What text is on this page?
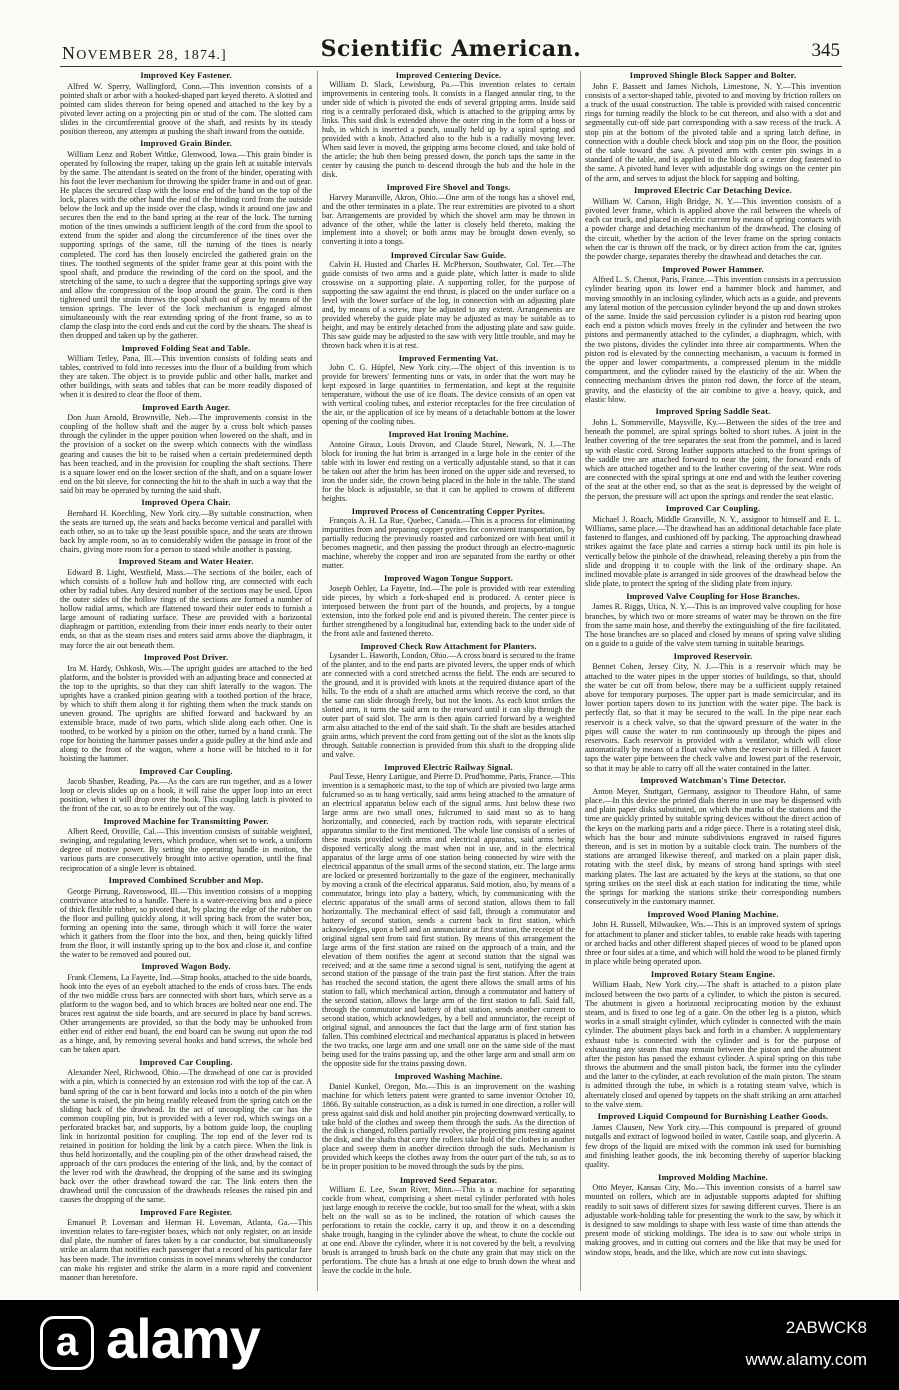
NOVEMBER 28, 1874.]	Scientific American.	345
Improved Key Fastener.

Alfred W. Sperry, Wallingford, Conn.—This invention consists of a pointed shaft or arbor with a hooked-shaped part keyed thereto. A slotted and pointed cam slides thereon for being opened and attached to the key by a pivoted lever acting on a projecting pin or stud of the cam. The slotted cam slides in the circumferential groove of the shaft, and resists by its steady position thereon, any attempts at pushing the shaft inward from the outside.

Improved Grain Binder.

William Lenz and Robert Wittke, Glenwood, Iowa.—This grain binder is operated by following the reaper, taking up the grain left at suitable intervals by the same. The attendant is seated on the front of the binder, operating with his foot the lever mechanism for throwing the spider frame in and out of gear. He places the secured clasp with the loose end of the band on the top of the lock, places with the other hand the end of the binding cord from the outside below the lock and up the inside over the clasp, winds it around one jaw and secures then the end to the band spring at the rear of the lock. The turning motion of the tines unwinds a sufficient length of the cord from the spool to extend from the spider and along the circumference of the tines over the supporting springs of the same, till the turning of the tines is nearly completed. The cord has then loosely encircled the gathered grain on the tines. The toothed segments of the spider frame gear at this point with the spool shaft, and produce the rewinding of the cord on the spool, and the stretching of the same, to such a degree that the supporting springs give way and allow the compression of the loop around the grain. The cord is then tightened until the strain throws the spool shaft out of gear by means of the tension springs. The lever of the lock mechanism is engaged almost simultaneously with the rear extending spring of the front frame, so as to clamp the clasp into the cord ends and cut the cord by the shears. The sheaf is then dropped and taken up by the gatherer.

Improved Folding Seat and Table.

William Tetley, Pana, Ill.—This invention consists of folding seats and tables, contrived to fold into recesses into the floor of a building from which they are taken. The object is to provide public and other halls, market and other buildings, with seats and tables that can be more readily disposed of when it is desired to clear the floor of them.

Improved Earth Auger.

Don Juan Arnold, Brownville, Neb.—The improvements consist in the coupling of the hollow shaft and the auger by a cross bolt which passes through the cylinder in the upper position when lowered on the shaft, and in the provision of a socket on the sweep which connects with the windlass gearing and causes the bit to be raised when a certain predetermined depth has been reached, and in the provision for coupling the shaft sections. There is a square lower end on the lower section of the shaft, and on a square lower end on the bit sleeve, for connecting the bit to the shaft in such a way that the said bit may be operated by turning the said shaft.

Improved Opera Chair.

Bernhard H. Koechling, New York city.—By suitable construction, when the seats are turned up, the seats and backs become vertical and parallel with each other, so as to take up the least possible space, and the seats are thrown back by ample room, so as to considerably widen the passage in front of the chairs, giving more room for a person to stand while another is passing.

Improved Steam and Water Heater.

Edward B. Light, Westfield, Mass.—The sections of the boiler, each of which consists of a hollow hub and hollow ring, are connected with each other by radial tubes. Any desired number of the sections may be used. Upon the outer sides of the hollow rings of the sections are formed a number of hollow radial arms, which are flattened toward their outer ends to furnish a large amount of radiating surface. These are provided with a horizontal diaphragm or partition, extending from their inner ends nearly to their outer ends, so that as the steam rises and enters said arms above the diaphragm, it may force the air out beneath them.

Improved Post Driver.

Ira M. Hardy, Oshkosh, Wis.—The upright guides are attached to the bed platform, and the bolster is provided with an adjusting brace and connected at the top to the uprights, so that they can shift laterally to the wagon. The uprights have a cranked pinion gearing with a toothed portion of the brace, by which to shift them along it for righting them when the truck stands on uneven ground. The uprights are shifted forward and backward by an extensible brace, made of two parts, which slide along each other. One is toothed, to be worked by a pinion on the other, turned by a hand crank. The rope for hoisting the hammer passes under a guide pulley at the hind axle and along to the front of the wagon, where a horse will be hitched to it for hoisting the hammer.

Improved Car Coupling.

Jacob Shasber, Reading, Pa.—As the cars are run together, and as a lower loop or clevis slides up on a hook, it will raise the upper loop into an erect position, when it will drop over the hook. This coupling latch is pivoted to the front of the car, so as to be entirely out of the way.

Improved Machine for Transmitting Power.

Albert Reed, Oroville, Cal.—This invention consists of suitable weighted, swinging, and regulating levers, which produce, when set to work, a uniform degree of motive power. By setting the operating handle in motion, the various parts are consecutively brought into active operation, until the final reciprocation of a single lever is obtained.

Improved Combined Scrubber and Mop.

George Pirrung, Ravenswood, Ill.—This invention consists of a mopping contrivance attached to a handle. There is a water-receiving box and a piece of thick flexible rubber, so pivoted that, by placing the edge of the rubber on the floor and pulling quickly along, it will spring back from the water box, forming an opening into the same, through which it will force the water which it gathers from the floor into the box, and then, being quickly lifted from the floor, it will instantly spring up to the box and close it, and confine the water to be removed and poured out.

Improved Wagon Body.

Frank Clemens, La Fayette, Ind.—Strap hooks, attached to the side boards, hook into the eyes of an eyebolt attached to the ends of cross bars. The ends of the two middle cross bars are connected with short bars, which serve as a platform to the wagon bed, and to which braces are bolted near one end. The braces rest against the side boards, and are secured in place by band screws. Other arrangements are provided, so that the body may be unhooked from either end of either end board, the end board can be swung out upon the rod as a hinge, and, by removing several hooks and band screws, the whole bed can be taken apart.

Improved Car Coupling.

Alexander Neel, Richwood, Ohio.—The drawhead of one car is provided with a pin, which is connected by an extension rod with the top of the car. A band spring of the car is bent forward and locks into a notch of the pin when the same is raised, the pin being readily released from the spring catch on the sliding back of the drawhead. In the act of uncoupling the car has the common coupling pin, but is provided with a lever rod, which swings on a perforated bracket bar, and supports, by a bottom guide loop, the coupling link in horizontal position for coupling. The top end of the lever rod is retained in position for holding the link by a catch piece. When the link is thus held horizontally, and the coupling pin of the other drawhead raised, the approach of the cars produces the entering of the link, and, by the contact of the lever rod with the drawhead, the dropping of the same and its swinging back over the other drawhead toward the car. The link enters then the drawhead until the concussion of the drawheads releases the raised pin and causes the dropping of the same.

Improved Fare Register.

Emanuel P. Loveman and Herman H. Loveman, Atlanta, Ga.—This invention relates to fare-register boxes, which not only register, on an inside dial plate, the number of fares taken by a car conductor, but simultaneously strike an alarm that notifies each passenger that a record of his particular fare has been made. The invention consists in novel means whereby the conductor can make his register and strike the alarm in a more rapid and convenient manner than heretofore.

Improved Centering Device.

William D. Slack, Lewisburg, Pa.—This invention relates to certain improvements in centering tools. It consists in a flanged annular ring, to the under side of which is pivoted the ends of several gripping arms. Inside said ring is a centrally perforated disk, which is attached to the gripping arms by links. This said disk is extended above the outer ring in the form of a boss or hub, in which is inserted a punch, usually held up by a spiral spring and provided with a knob. Attached also to the hub is a radially moving lever. When said lever is moved, the gripping arms become closed, and take hold of the article; the hub then being pressed down, the punch taps the same in the center by causing the punch to descend through the hub and the hole in the disk.

Improved Fire Shovel and Tongs.

Harvey Maranville, Akron, Ohio.—One arm of the tongs has a shovel end, and the other terminates in a plate. The rear extremities are pivoted to a short bar. Arrangements are provided by which the shovel arm may be thrown in advance of the other, while the latter is closely held thereto, making the implement into a shovel; or both arms may be brought down evenly, so converting it into a tongs.

Improved Circular Saw Guide.

Calvin H. Husted and Charles H. McPherson, Southwater, Col. Ter.—The guide consists of two arms and a guide plate, which latter is made to slide crosswise on a supporting plate. A supporting roller, for the purpose of supporting the saw against the end thrust, is placed on the under surface on a level with the lower surface of the log, in connection with an adjusting plate and, by means of a screw, may be adjusted to any extent. Arrangements are provided whereby the guide plate may be adjusted as may be suitable as to height, and may be entirely detached from the adjusting plate and saw guide. This saw guide may be adjusted to the saw with very little trouble, and may be thrown back when it is at rest.

Improved Fermenting Vat.

John C. G. Hüpfel, New York city.—The object of this invention is to provide for brewers' fermenting tuns or vats, in order that the wort may be kept exposed in large quantities to fermentation, and kept at the requisite temperature, without the use of ice floats. The device consists of an open vat with vertical cooling tubes, and exterior receptacles for the free circulation of the air, or the application of ice by means of a detachable bottom at the lower opening of the cooling tubes.

Improved Hat Ironing Machine.

Antoine Giraux, Louis Drovon, and Claude Sturel, Newark, N. J.—The block for ironing the hat brim is arranged in a large hole in the center of the table with its lower end resting on a vertically adjustable stand, so that it can be taken out after the brim has been ironed on the upper side and reversed, to iron the under side, the crown being placed in the hole in the table. The stand for the block is adjustable, so that it can be applied to crowns of different heights.

Improved Process of Concentrating Copper Pyrites.

François A. H. La Rue, Quebec, Canada.—This is a process for eliminating impurities from and preparing copper pyrites for convenient transportation, by partially reducing the previously roasted and carbonized ore with heat until it becomes magnetic, and then passing the product through an electro-magnetic machine, whereby the copper and iron are separated from the earthy or other matter.

Improved Wagon Tongue Support.

Joseph Oehler, La Fayette, Ind.—The pole is provided with rear extending side pieces, by which a fork-shaped end is produced. A center piece is interposed between the front part of the hounds, and projects, by a tongue extension, into the forked pole end and is pivoted therein. The center piece is further strengthened by a longitudinal bar, extending back to the under side of the front axle and fastened thereto.

Improved Check Row Attachment for Planters.

Lysander L. Haworth, London, Ohio.—A cross board is secured to the frame of the planter, and to the end parts are pivoted levers, the upper ends of which are connected with a cord stretched across the field. The ends are secured to the ground, and it is provided with knots at the required distance apart of the hills. To the ends of a shaft are attached arms which receive the cord, so that the same can slide through freely, but not the knots. As each knot strikes the slotted arm, it turns the said arm to the rearward until it can slip through the outer part of said slot. The arm is then again carried forward by a weighted arm also attached to the end of the said shaft. To the shaft are besides attached grain arms, which prevent the cord from getting out of the slot as the knots slip through. Suitable connection is provided from this shaft to the dropping slide and valve.

Improved Electric Railway Signal.

Paul Tesse, Henry Lartigue, and Pierre D. Prud'homme, Paris, France.—This invention is a semaphoric mast, to the top of which are pivoted two large arms fulcrumed so as to hang vertically, said arms being attached to the armature of an electrical apparatus below each of the signal arms. Just below these two large arms are two small ones, fulcrumed to said mast so as to hang horizontally, and connected, each by traction rods, with separate electrical apparatus similar to the first mentioned. The whole line consists of a series of these masts provided with arms and electrical apparatus, said arms being disposed vertically along the mast when not in use, and in the electrical apparatus of the large arms of one station being connected by wire with the electrical apparatus of the small arms of the second station, etc. The large arms are locked or presented horizontally to the gaze of the engineer, mechanically by moving a crank of the electrical apparatus. Said motion, also, by means of a commutator, brings into play a battery, which, by communicating with the electric apparatus of the small arms of second station, allows them to fall horizontally. The mechanical effect of said fall, through a commutator and battery of second station, sends a current back to first station, which acknowledges, upon a bell and an annunciator at first station, the receipt of the original signal sent from said first station. By means of this arrangement the large arms of the first station are raised on the approach of a train, and the elevation of them notifies the agent at second station that the signal was received; and at the same time a second signal is sent, notifying the agent at second station of the passage of the train past the first station. After the train has reached the second station, the agent there allows the small arms of his station to fall, which mechanical action, through a commutator and battery of the second station, allows the large arm of the first station to fall. Said fall, through the commutator and battery of that station, sends another current to second station, which acknowledges, by a bell and annunciator, the receipt of original signal, and announces the fact that the large arm of first station has fallen. This combined electrical and mechanical apparatus is placed in between the two tracks, one large arm and one small one on the same side of the mast being used for the trains passing up, and the other large arm and small arm on the opposite side for the trains passing down.

Improved Washing Machine.

Daniel Kunkel, Oregon, Mo.—This is an improvement on the washing machine for which letters patent were granted to same inventor October 10, 1866. By suitable construction, as a disk is turned in one direction, a roller will press against said disk and hold another pin projecting downward vertically, to take hold of the clothes and sweep them through the suds. As the direction of the disk is changed, rollers partially revolve, the projecting pins resting against the disk, and the shafts that carry the rollers take hold of the clothes in another place and sweep them in another direction through the suds. Mechanism is provided which keeps the clothes away from the outer part of the tub, so as to be in proper position to be moved through the suds by the pins.

Improved Seed Separator.

William E. Lee, Swan River, Minn.—This is a machine for separating cockle from wheat, comprising a sheet metal cylinder perforated with holes just large enough to receive the cockle, but too small for the wheat, with a skin belt on the wall so as to be inclined, the rotation of which causes the perforations to retain the cockle, carry it up, and throw it on a descending shake trough, hanging in the cylinder above the wheat, to chute the cockle out at one end. Above the cylinder, where it is not covered by the belt, a revolving brush is arranged to brush back on the chute any grain that may stick on the perforations. The chute has a brush at one edge to brush down the wheat and leave the cockle in the hole.

Improved Shingle Block Sapper and Bolter.

John F. Bassett and James Nichols, Limestone, N. Y.—This invention consists of a sector-shaped table, pivoted to and moving by friction rollers on a truck of the usual construction. The table is provided with raised concentric rings for turning readily the block to be cut thereon, and also with a slot and segmentally cut-off side part corresponding with a saw recess of the truck. A stop pin at the bottom of the pivoted table and a spring latch define, in connection with a double check block and stop pin on the floor, the position of the table toward the saw. A pivoted arm with center pin swings in a standard of the table, and is applied to the block or a center dog fastened to the same. A pivoted hand lever with adjustable dog swings on the center pin of the arm, and serves to adjust the block for sapping and bolting.

Improved Electric Car Detaching Device.

William W. Carson, High Bridge, N. Y.—This invention consists of a pivoted lever frame, which is applied above the rail between the wheels of each car truck, and placed in electric current by means of spring contacts with a powder charge and detaching mechanism of the drawhead. The closing of the circuit, whether by the action of the lever frame on the spring contacts when the car is thrown off the track, or by direct action from the car, ignites the powder charge, separates thereby the drawhead and detaches the car.

Improved Power Hammer.

Alfred L. S. Chenot, Paris, France.—This invention consists in a percussion cylinder bearing upon its lower end a hammer block and hammer, and moving smoothly in an inclosing cylinder, which acts as a guide, and prevents any lateral motion of the percussion cylinder beyond the up and down strokes of the same. Inside the said percussion cylinder is a piston rod bearing upon each end a piston which moves freely in the cylinder and between the two pistons and permanently attached to the cylinder, a diaphragm, which, with the two pistons, divides the cylinder into three air compartments. When the piston rod is elevated by the connecting mechanism, a vacuum is formed in the upper and lower compartments, a compressed plenum in the middle compartment, and the cylinder raised by the elasticity of the air. When the connecting mechanism drives the piston rod down, the force of the steam, gravity, and the elasticity of the air combine to give a heavy, quick, and elastic blow.

Improved Spring Saddle Seat.

John L. Sommerville, Maysville, Ky.—Between the sides of the tree and beneath the pommel, are spiral springs bolted to short tubes. A joint in the leather covering of the tree separates the seat from the pommel, and is laced up with elastic cord. Strong leather supports attached to the front springs of the saddle tree are attached forward to near the joint, the forward ends of which are attached together and to the leather covering of the seat. Wire rods are connected with the spiral springs at one end and with the leather covering of the seat at the other end, so that as the seat is depressed by the weight of the person, the pressure will act upon the springs and render the seat elastic.

Improved Car Coupling.

Michael J. Roach, Middle Granville, N. Y., assignor to himself and E. L. Williams, same place.—The drawhead has an additional detachable face plate fastened to flanges, and cushioned off by packing. The approaching drawhead strikes against the face plate and carries a stirrup back until its pin hole is vertically below the pinhole of the drawhead, releasing thereby a pin from the slide and dropping it to couple with the link of the ordinary shape. An inclined movable plate is arranged in side grooves of the drawhead below the slide plate, to protect the spring of the sliding plate from injury.

Improved Valve Coupling for Hose Branches.

James R. Riggs, Utica, N. Y.—This is an improved valve coupling for hose branches, by which two or more streams of water may be thrown on the fire from the same main hose, and thereby the extinguishing of the fire facilitated. The hose branches are so placed and closed by means of spring valve sliding on a guide to a guide of the valve stem turning in suitable bearings.

Improved Reservoir.

Bennet Cohen, Jersey City, N. J.—This is a reservoir which may be attached to the water pipes in the upper stories of buildings, so that, should the water be cut off from below, there may be a sufficient supply retained above for temporary purposes. The upper part is made semicircular, and its lower portion tapers down to its junction with the water pipe. The back is perfectly flat, so that it may be secured to the wall. In the pipe near each reservoir is a check valve, so that the upward pressure of the water in the pipes will cause the water to run continuously up through the pipes and reservoirs. Each reservoir is provided with a ventilator, which will close automatically by means of a float valve when the reservoir is filled. A faucet taps the water pipe between the check valve and lowest part of the reservoir, so that it may be able to carry off all the water contained in the latter.

Improved Watchman's Time Detector.

Anton Meyer, Stuttgart, Germany, assignor to Theodore Hahn, of same place.—In this device the printed dials thereto in use may be dispensed with and plain paper disks substituted, on which the marks of the stations and the time are quickly printed by suitable spring devices without the direct action of the keys on the marking parts and a ridge piece. There is a rotating steel disk, which has the hour and minute subdivisions engraved in raised figures thereon, and is set in motion by a suitable clock train. The numbers of the stations are arranged likewise thereof, and marked on a plain paper disk, rotating with the steel disk, by means of strong band springs with steel marking plates. The last are actuated by the keys at the stations, so that one spring strikes on the steel disk at each station for indicating the time, while the springs for marking the stations strike their corresponding numbers consecutively in the customary manner.

Improved Wood Planing Machine.

John H. Russell, Milwaukee, Wis.—This is an improved system of springs for attachment to planer and sticker tables, to enable rake heads with tapering or arched backs and other different shaped pieces of wood to be planed upon three or four sides at a time, and which will hold the wood to be planed firmly in place while being operated upon.

Improved Rotary Steam Engine.

William Haab, New York city.—The shaft is attached to a piston plate inclosed between the two parts of a cylinder, to which the piston is secured. The abutment is given a horizontal reciprocating motion by the exhaust steam, and is fixed to one leg of a gate. On the other leg is a piston, which works in a small straight cylinder, which cylinder is connected with the main cylinder. The abutment plays back and forth in a chamber. A supplementary exhaust tube is connected with the cylinder and is for the purpose of exhausting any steam that may remain between the piston and the abutment after the piston has passed the exhaust cylinder. A spiral spring on this tube throws the abutment and the small piston back, the former into the cylinder and the latter to the cylinder, at each revolution of the main piston. The steam is admitted through the tube, in which is a rotating steam valve, which is alternately closed and opened by tappets on the shaft striking an arm attached to the valve stem.

Improved Liquid Compound for Burnishing Leather Goods.

James Clausen, New York city.—This compound is prepared of ground nutgalls and extract of logwood boiled in water, Castile soap, and glycerin. A few drops of the liquid are mixed with the common ink used for burnishing and finishing leather goods, the ink becoming thereby of superior blacking quality.

Improved Molding Machine.

Otto Meyer, Kansas City, Mo.—This invention consists of a barrel saw mounted on rollers, which are in adjustable supports adapted for shifting readily to suit saws of different sizes for sawing different curves. There is an adjustable work-holding table for presenting the work to the saw, by which it is designed to saw moldings to shape with less waste of time than attends the present mode of sticking moldings. The idea is to saw out whole strips in making grooves, and in cutting out corners and the like that may be used for window stops, beads, and the like, which are now cut into shavings.

a alamy	2ABWCK8
www.alamy.com
